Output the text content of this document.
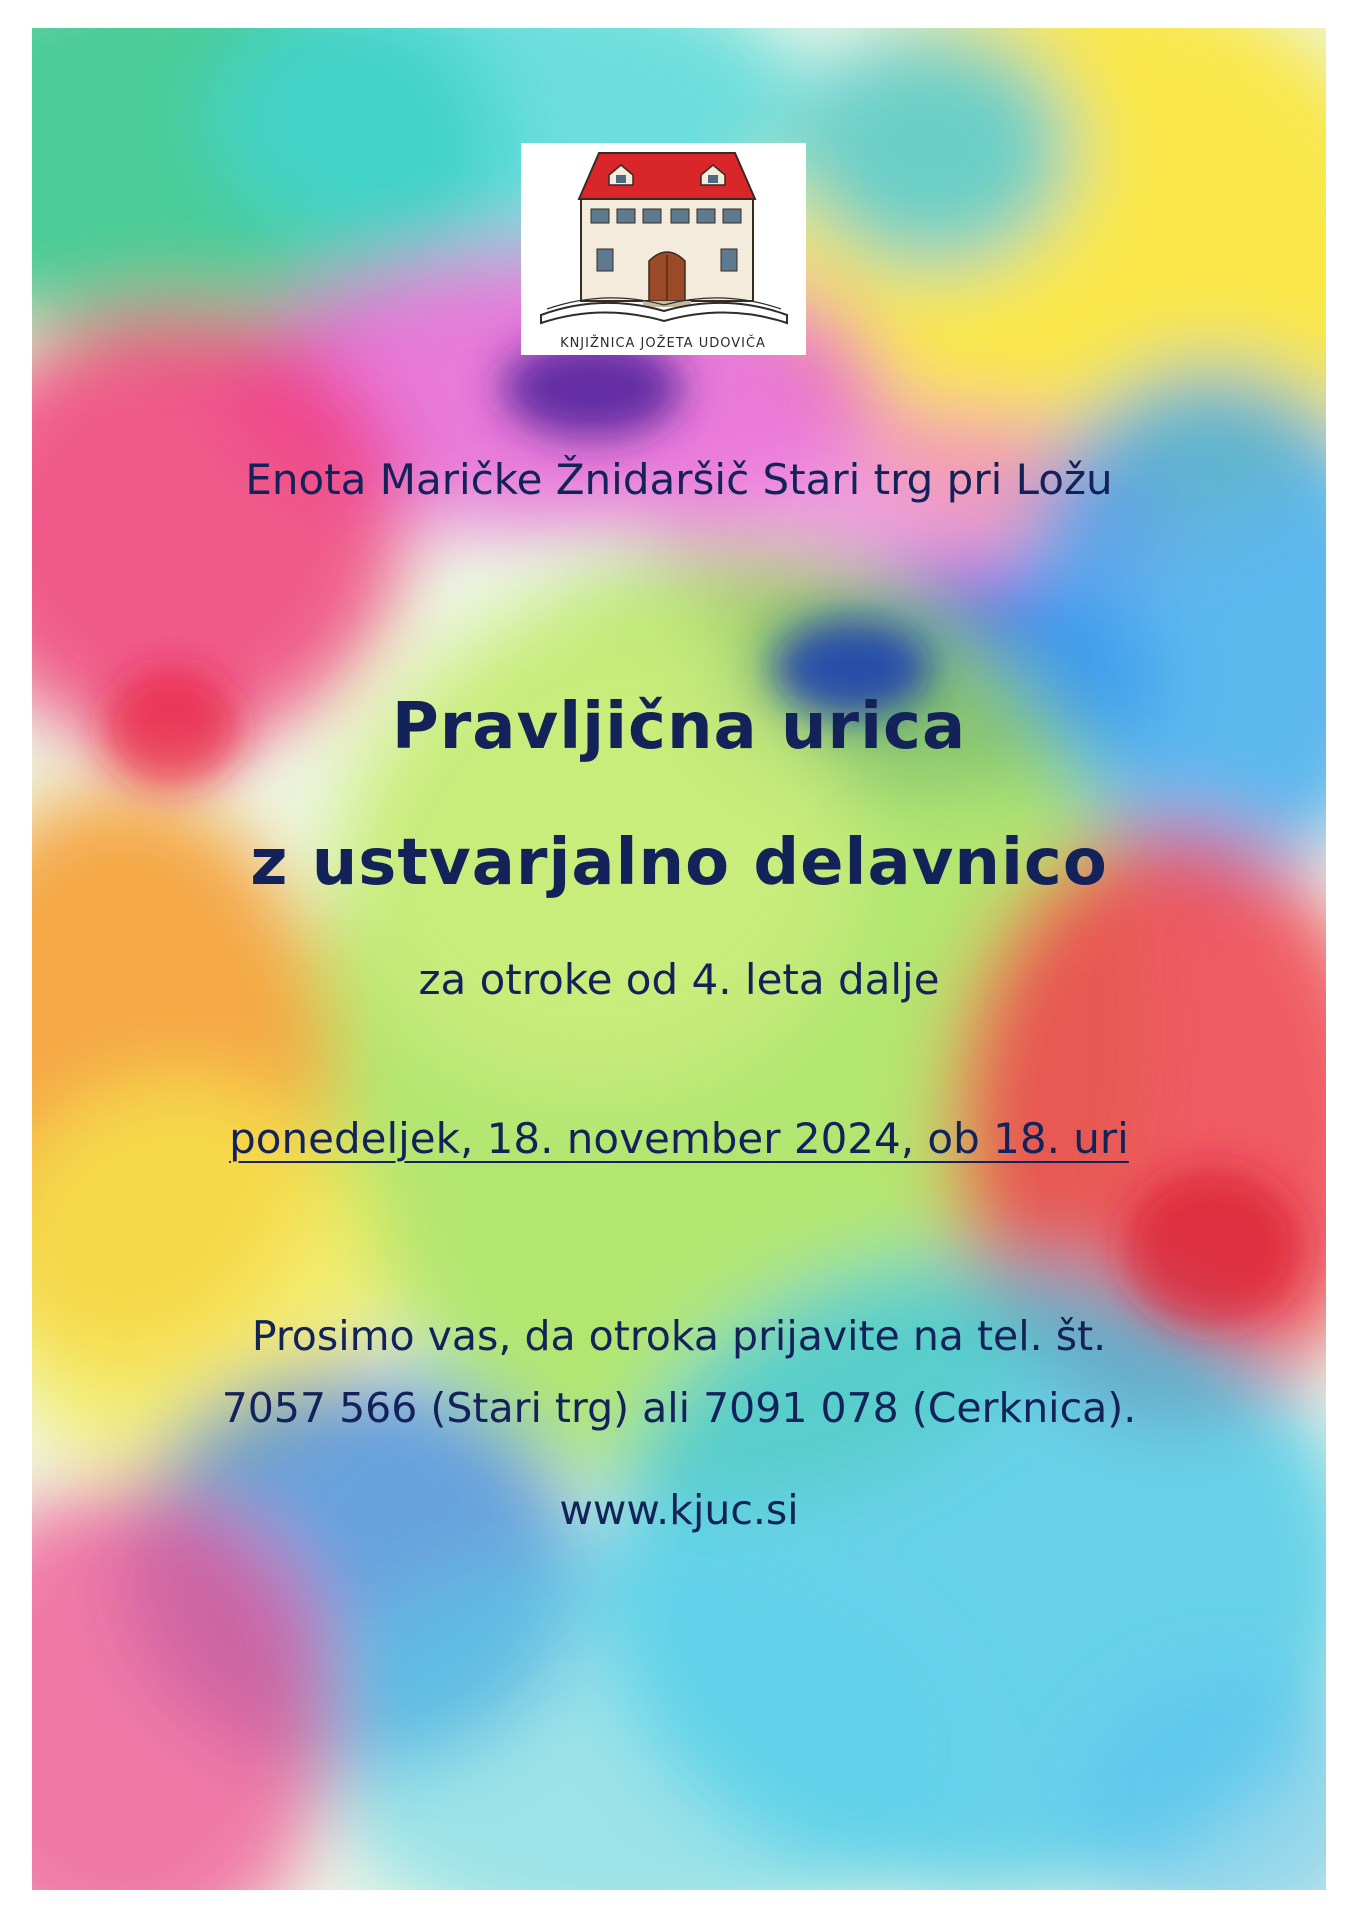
KNJIŽNICA JOŽETA UDOVIČA

Enota Maričke Žnidaršič Stari trg pri Ložu

Pravljična urica

z ustvarjalno delavnico

za otroke od 4. leta dalje

ponedeljek, 18. november 2024, ob 18. uri

Prosimo vas, da otroka prijavite na tel. št.

7057 566 (Stari trg) ali 7091 078 (Cerknica).

www.kjuc.si
